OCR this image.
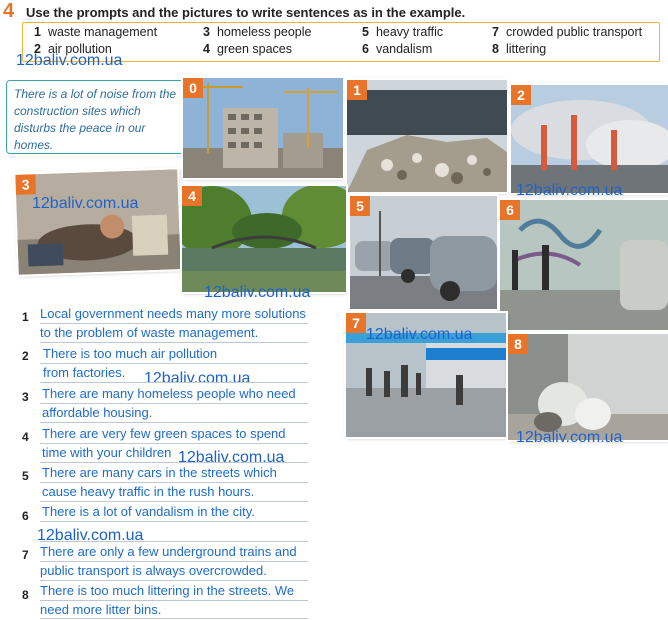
4 Use the prompts and the pictures to write sentences as in the example.
1 waste management
2 air pollution
3 homeless people
4 green spaces
5 heavy traffic
6 vandalism
7 crowded public transport
8 littering
There is a lot of noise from the construction sites which disturbs the peace in our homes.
0	1	2
3
4
5	6
7
8
12baliv.com.ua
12baliv.com.ua
12baliv.com.ua
12baliv.com.ua
12baliv.com.ua
12baliv.com.ua
12baliv.com.ua
12baliv.com.ua
12baliv.com.ua
1 Local government needs many more solutions
to the problem of waste management.
2 There is too much air pollution
from factories.
3 There are many homeless people who need
affordable housing.
4 There are very few green spaces to spend
time with your children
5 There are many cars in the streets which
cause heavy traffic in the rush hours.
6 There is a lot of vandalism in the city.
7 There are only a few underground trains and
public transport is always overcrowded.
8 There is too much littering in the streets. We
need more litter bins.
